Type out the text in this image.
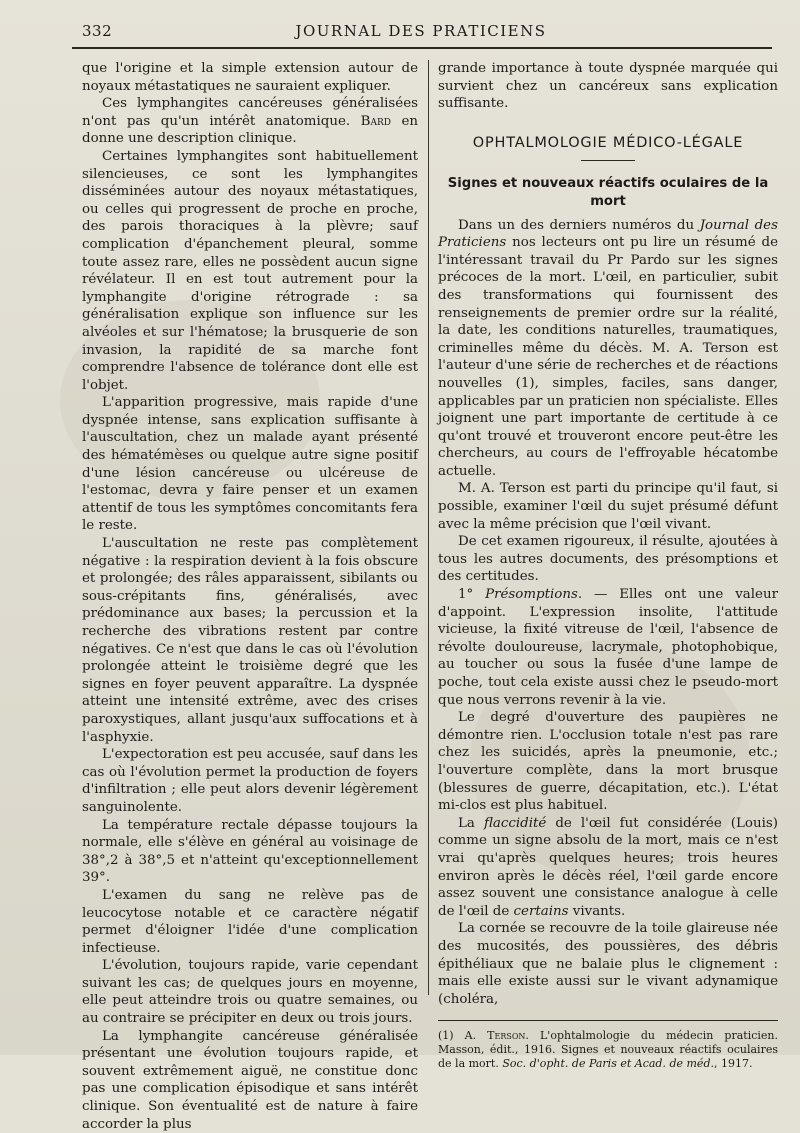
332	JOURNAL DES PRATICIENS

que l'origine et la simple extension autour de noyaux métastatiques ne sauraient expliquer.

Ces lymphangites cancéreuses généralisées n'ont pas qu'un intérêt anatomique. Bard en donne une description clinique.

Certaines lymphangites sont habituellement silencieuses, ce sont les lymphangites disséminées autour des noyaux métastatiques, ou celles qui progressent de proche en proche, des parois thoraciques à la plèvre; sauf complication d'épanchement pleural, somme toute assez rare, elles ne possèdent aucun signe révélateur. Il en est tout autrement pour la lymphangite d'origine rétrograde : sa généralisation explique son influence sur les alvéoles et sur l'hématose; la brusquerie de son invasion, la rapidité de sa marche font comprendre l'absence de tolérance dont elle est l'objet.

L'apparition progressive, mais rapide d'une dyspnée intense, sans explication suffisante à l'auscultation, chez un malade ayant présenté des hématémèses ou quelque autre signe positif d'une lésion cancéreuse ou ulcéreuse de l'estomac, devra y faire penser et un examen attentif de tous les symptômes concomitants fera le reste.

L'auscultation ne reste pas complètement négative : la respiration devient à la fois obscure et prolongée; des râles apparaissent, sibilants ou sous-crépitants fins, généralisés, avec prédominance aux bases; la percussion et la recherche des vibrations restent par contre négatives. Ce n'est que dans le cas où l'évolution prolongée atteint le troisième degré que les signes en foyer peuvent apparaître. La dyspnée atteint une intensité extrême, avec des crises paroxystiques, allant jusqu'aux suffocations et à l'asphyxie.

L'expectoration est peu accusée, sauf dans les cas où l'évolution permet la production de foyers d'infiltration ; elle peut alors devenir légèrement sanguinolente.

La température rectale dépasse toujours la normale, elle s'élève en général au voisinage de 38°,2 à 38°,5 et n'atteint qu'exceptionnellement 39°.

L'examen du sang ne relève pas de leucocytose notable et ce caractère négatif permet d'éloigner l'idée d'une complication infectieuse.

L'évolution, toujours rapide, varie cependant suivant les cas; de quelques jours en moyenne, elle peut atteindre trois ou quatre semaines, ou au contraire se précipiter en deux ou trois jours.

La lymphangite cancéreuse généralisée présentant une évolution toujours rapide, et souvent extrêmement aiguë, ne constitue donc pas une complication épisodique et sans intérêt clinique. Son éventualité est de nature à faire accorder la plus

grande importance à toute dyspnée marquée qui survient chez un cancéreux sans explication suffisante.

OPHTALMOLOGIE MÉDICO-LÉGALE
Signes et nouveaux réactifs oculaires de la mort

Dans un des derniers numéros du Journal des Praticiens nos lecteurs ont pu lire un résumé de l'intéressant travail du Pr Pardo sur les signes précoces de la mort. L'œil, en particulier, subit des transformations qui fournissent des renseignements de premier ordre sur la réalité, la date, les conditions naturelles, traumatiques, criminelles même du décès. M. A. Terson est l'auteur d'une série de recherches et de réactions nouvelles (1), simples, faciles, sans danger, applicables par un praticien non spécialiste. Elles joignent une part importante de certitude à ce qu'ont trouvé et trouveront encore peut-être les chercheurs, au cours de l'effroyable hécatombe actuelle.

M. A. Terson est parti du principe qu'il faut, si possible, examiner l'œil du sujet présumé défunt avec la même précision que l'œil vivant.

De cet examen rigoureux, il résulte, ajoutées à tous les autres documents, des présomptions et des certitudes.

1° Présomptions. — Elles ont une valeur d'appoint. L'expression insolite, l'attitude vicieuse, la fixité vitreuse de l'œil, l'absence de révolte douloureuse, lacrymale, photophobique, au toucher ou sous la fusée d'une lampe de poche, tout cela existe aussi chez le pseudo-mort que nous verrons revenir à la vie.

Le degré d'ouverture des paupières ne démontre rien. L'occlusion totale n'est pas rare chez les suicidés, après la pneumonie, etc.; l'ouverture complète, dans la mort brusque (blessures de guerre, décapitation, etc.). L'état mi-clos est plus habituel.

La flaccidité de l'œil fut considérée (Louis) comme un signe absolu de la mort, mais ce n'est vrai qu'après quelques heures; trois heures environ après le décès réel, l'œil garde encore assez souvent une consistance analogue à celle de l'œil de certains vivants.

La cornée se recouvre de la toile glaireuse née des mucosités, des poussières, des débris épithéliaux que ne balaie plus le clignement : mais elle existe aussi sur le vivant adynamique (choléra,

(1) A. Terson. L'ophtalmologie du médecin praticien. Masson, édit., 1916. Signes et nouveaux réactifs oculaires de la mort. Soc. d'opht. de Paris et Acad. de méd., 1917.
